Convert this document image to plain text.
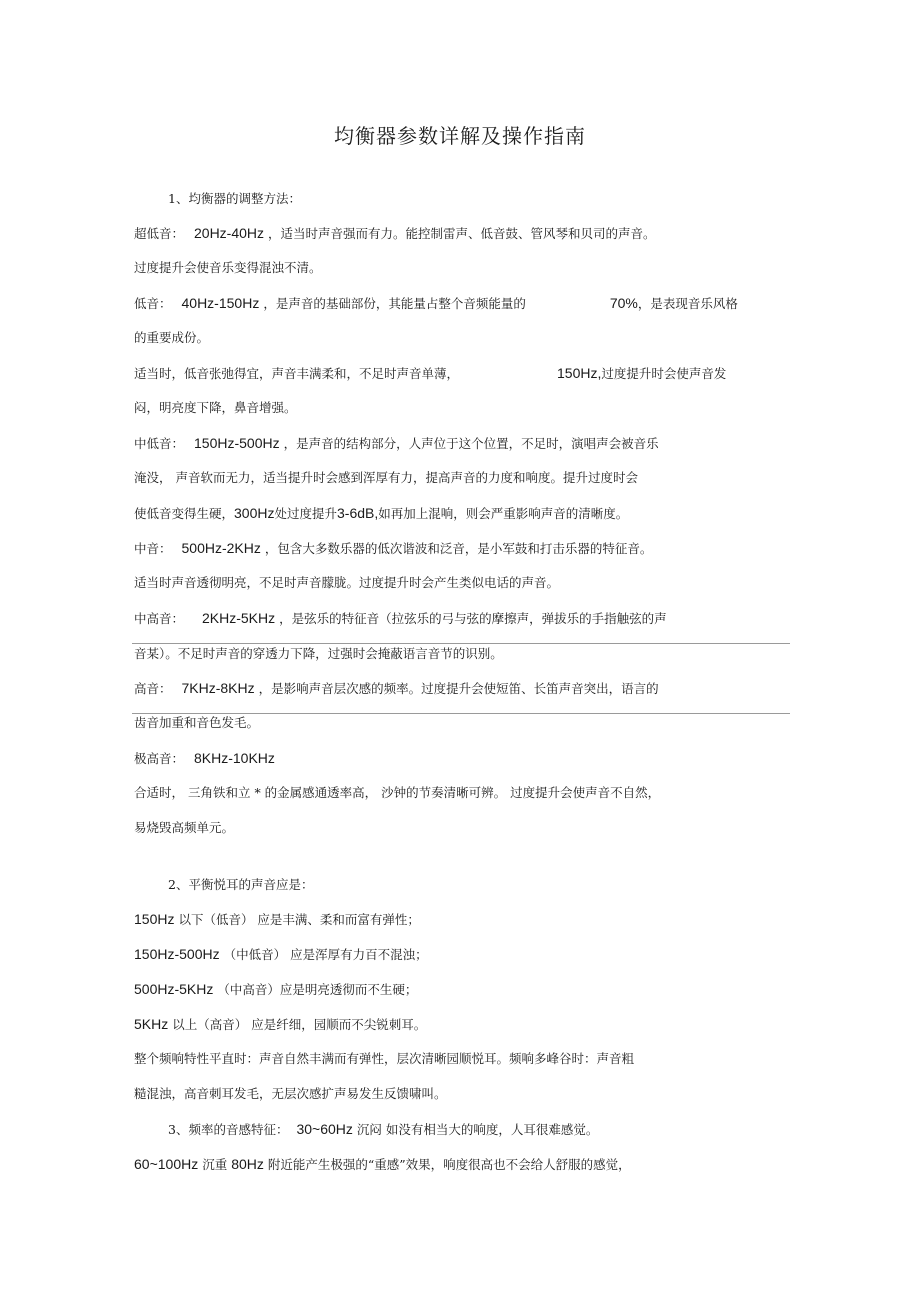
均衡器参数详解及操作指南
1、均衡器的调整方法：
超低音： 20Hz-40Hz ，适当时声音强而有力。能控制雷声、低音鼓、管风琴和贝司的声音。
过度提升会使音乐变得混浊不清。
低音： 40Hz-150Hz ，是声音的基础部份，其能量占整个音频能量的	70%，是表现音乐风格
的重要成份。
适当时，低音张弛得宜，声音丰满柔和，不足时声音单薄，	150Hz,过度提升时会使声音发
闷，明亮度下降，鼻音增强。
中低音： 150Hz-500Hz ，是声音的结构部分，人声位于这个位置，不足时，演唱声会被音乐
淹没， 声音软而无力，适当提升时会感到浑厚有力，提高声音的力度和响度。提升过度时会
使低音变得生硬，300Hz处过度提升3-6dB,如再加上混响，则会严重影响声音的清晰度。
中音： 500Hz-2KHz ，包含大多数乐器的低次谐波和泛音，是小军鼓和打击乐器的特征音。
适当时声音透彻明亮，不足时声音朦胧。过度提升时会产生类似电话的声音。
中高音： 2KHz-5KHz ，是弦乐的特征音（拉弦乐的弓与弦的摩擦声，弹拔乐的手指触弦的声
音某）。不足时声音的穿透力下降，过强时会掩蔽语言音节的识别。
高音： 7KHz-8KHz ，是影响声音层次感的频率。过度提升会使短笛、长笛声音突出，语言的
齿音加重和音色发毛。
极高音： 8KHz-10KHz
合适时， 三角铁和立 * 的金属感通透率高， 沙钟的节奏清晰可辨。 过度提升会使声音不自然，
易烧毁高频单元。
2、平衡悦耳的声音应是：
150Hz 以下（低音） 应是丰满、柔和而富有弹性；
150Hz-500Hz （中低音） 应是浑厚有力百不混浊；
500Hz-5KHz （中高音）应是明亮透彻而不生硬；
5KHz 以上（高音） 应是纤细，园顺而不尖锐刺耳。
整个频响特性平直时：声音自然丰满而有弹性，层次清晰园顺悦耳。频响多峰谷时：声音粗
糙混浊，高音刺耳发毛，无层次感扩声易发生反馈啸叫。
3、频率的音感特征： 30~60Hz 沉闷 如没有相当大的响度，人耳很难感觉。
60~100Hz 沉重 80Hz 附近能产生极强的“重感”效果，响度很高也不会给人舒服的感觉，
